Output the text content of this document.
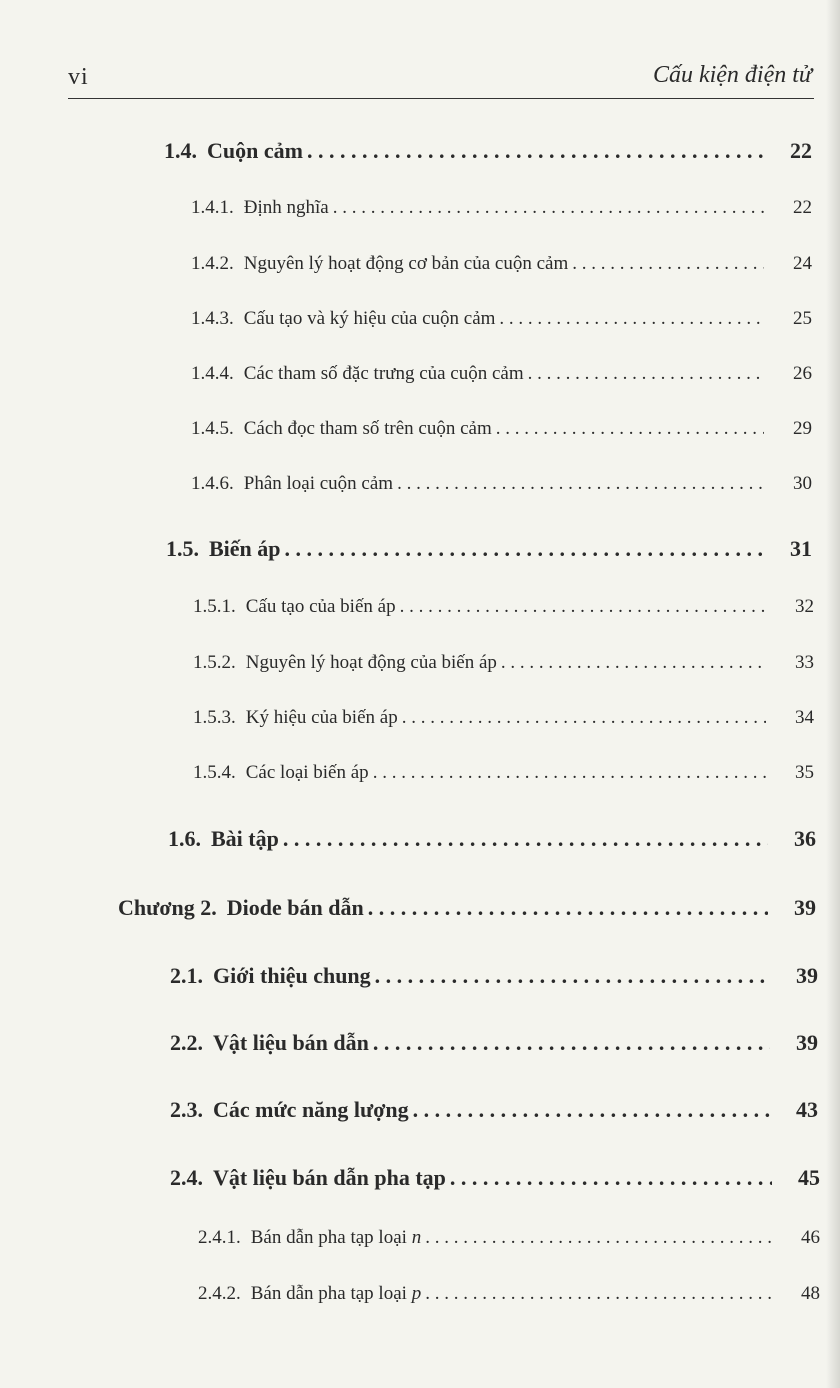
vi	Cấu kiện điện tử
1.4. Cuộn cảm . . .	22
1.4.1. Định nghĩa . . .	22
1.4.2. Nguyên lý hoạt động cơ bản của cuộn cảm . . .	24
1.4.3. Cấu tạo và ký hiệu của cuộn cảm . . .	25
1.4.4. Các tham số đặc trưng của cuộn cảm . . .	26
1.4.5. Cách đọc tham số trên cuộn cảm . . .	29
1.4.6. Phân loại cuộn cảm . . .	30
1.5. Biến áp . . .	31
1.5.1. Cấu tạo của biến áp . . .	32
1.5.2. Nguyên lý hoạt động của biến áp . . .	33
1.5.3. Ký hiệu của biến áp . . .	34
1.5.4. Các loại biến áp . . .	35
1.6. Bài tập . . .	36
Chương 2. Diode bán dẫn . . .	39
2.1. Giới thiệu chung . . .	39
2.2. Vật liệu bán dẫn . . .	39
2.3. Các mức năng lượng . . .	43
2.4. Vật liệu bán dẫn pha tạp . . .	45
2.4.1. Bán dẫn pha tạp loại n . . .	46
2.4.2. Bán dẫn pha tạp loại p . . .	48
